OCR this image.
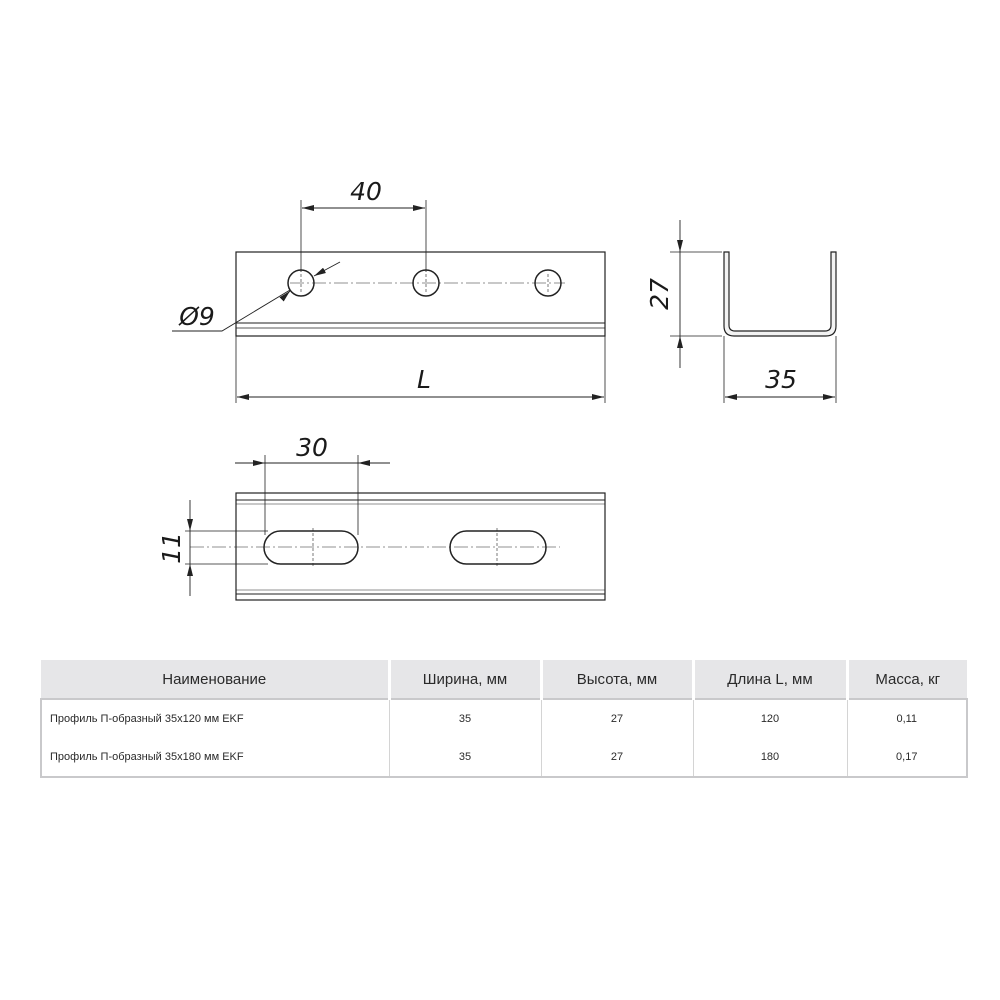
40
Ø9
L
27
35
30
11
Наименование	Ширина, мм	Высота, мм	Длина L, мм	Масса, кг
Профиль П-образный 35х120 мм EKF	35	27	120	0,11
Профиль П-образный 35х180 мм EKF	35	27	180	0,17
